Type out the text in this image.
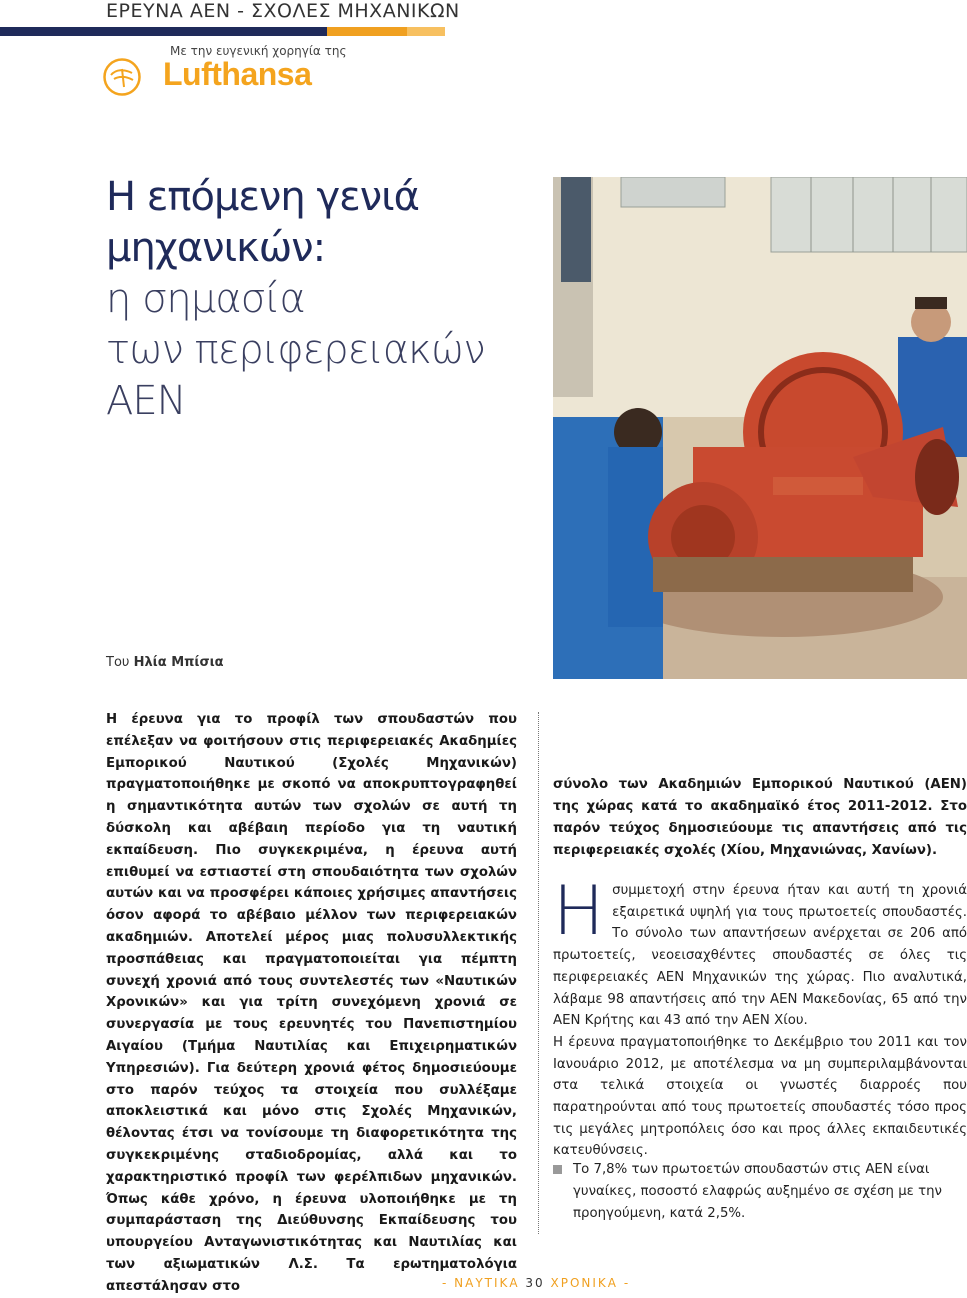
ΕΡΕΥΝΑ ΑΕΝ - ΣΧΟΛΕΣ ΜΗΧΑΝΙΚΩΝ
Με την ευγενική χορηγία της
Lufthansa
Η επόμενη γενιά
μηχανικών:
η σημασία
των περιφερειακών
ΑΕΝ
Του Ηλία Μπίσια
Η έρευνα για το προφίλ των σπουδαστών που επέλεξαν να φοιτήσουν στις περιφερειακές Ακαδημίες Εμπορικού Ναυτικού (Σχολές Μηχανικών) πραγματοποιήθηκε με σκοπό να αποκρυπτογραφηθεί η σημαντικότητα αυτών των σχολών σε αυτή τη δύσκολη και αβέβαιη περίοδο για τη ναυτική εκπαίδευση. Πιο συγκεκριμένα, η έρευνα αυτή επιθυμεί να εστιαστεί στη σπουδαιότητα των σχολών αυτών και να προσφέρει κάποιες χρήσιμες απαντήσεις όσον αφορά το αβέβαιο μέλλον των περιφερειακών ακαδημιών. Αποτελεί μέρος μιας πολυσυλλεκτικής προσπάθειας και πραγματοποιείται για πέμπτη συνεχή χρονιά από τους συντελεστές των «Ναυτικών Χρονικών» και για τρίτη συνεχόμενη χρονιά σε συνεργασία με τους ερευνητές του Πανεπιστημίου Αιγαίου (Τμήμα Ναυτιλίας και Επιχειρηματικών Υπηρεσιών). Για δεύτερη χρονιά φέτος δημοσιεύουμε στο παρόν τεύχος τα στοιχεία που συλλέξαμε αποκλειστικά και μόνο στις Σχολές Μηχανικών, θέλοντας έτσι να τονίσουμε τη διαφορετικότητα της συγκεκριμένης σταδιοδρομίας, αλλά και το χαρακτηριστικό προφίλ των φερέλπιδων μηχανικών. Όπως κάθε χρόνο, η έρευνα υλοποιήθηκε με τη συμπαράσταση της Διεύθυνσης Εκπαίδευσης του υπουργείου Ανταγωνιστικότητας και Ναυτιλίας και των αξιωματικών Λ.Σ. Τα ερωτηματολόγια απεστάλησαν στο
σύνολο των Ακαδημιών Εμπορικού Ναυτικού (ΑΕΝ) της χώρας κατά το ακαδημαϊκό έτος 2011-2012. Στο παρόν τεύχος δημοσιεύουμε τις απαντήσεις από τις περιφερειακές σχολές (Χίου, Μηχανιώνας, Χανίων).

Η συμμετοχή στην έρευνα ήταν και αυτή τη χρονιά εξαιρετικά υψηλή για τους πρωτοετείς σπουδαστές. Το σύνολο των απαντήσεων ανέρχεται σε 206 από πρωτοετείς, νεοεισαχθέντες σπουδαστές σε όλες τις περιφερειακές ΑΕΝ Μηχανικών της χώρας. Πιο αναλυτικά, λάβαμε 98 απαντήσεις από την ΑΕΝ Μακεδονίας, 65 από την ΑΕΝ Κρήτης και 43 από την ΑΕΝ Χίου.

Η έρευνα πραγματοποιήθηκε το Δεκέμβριο του 2011 και τον Ιανουάριο 2012, με αποτέλεσμα να μη συμπεριλαμβάνονται στα τελικά στοιχεία οι γνωστές διαρροές που παρατηρούνται από τους πρωτοετείς σπουδαστές τόσο προς τις μεγάλες μητροπόλεις όσο και προς άλλες εκπαιδευτικές κατευθύνσεις.

Το 7,8% των πρωτοετών σπουδαστών στις ΑΕΝ είναι γυναίκες, ποσοστό ελαφρώς αυξημένο σε σχέση με την προηγούμενη, κατά 2,5%.
- ΝΑΥΤΙΚΑ 30 ΧΡΟΝΙΚΑ -
